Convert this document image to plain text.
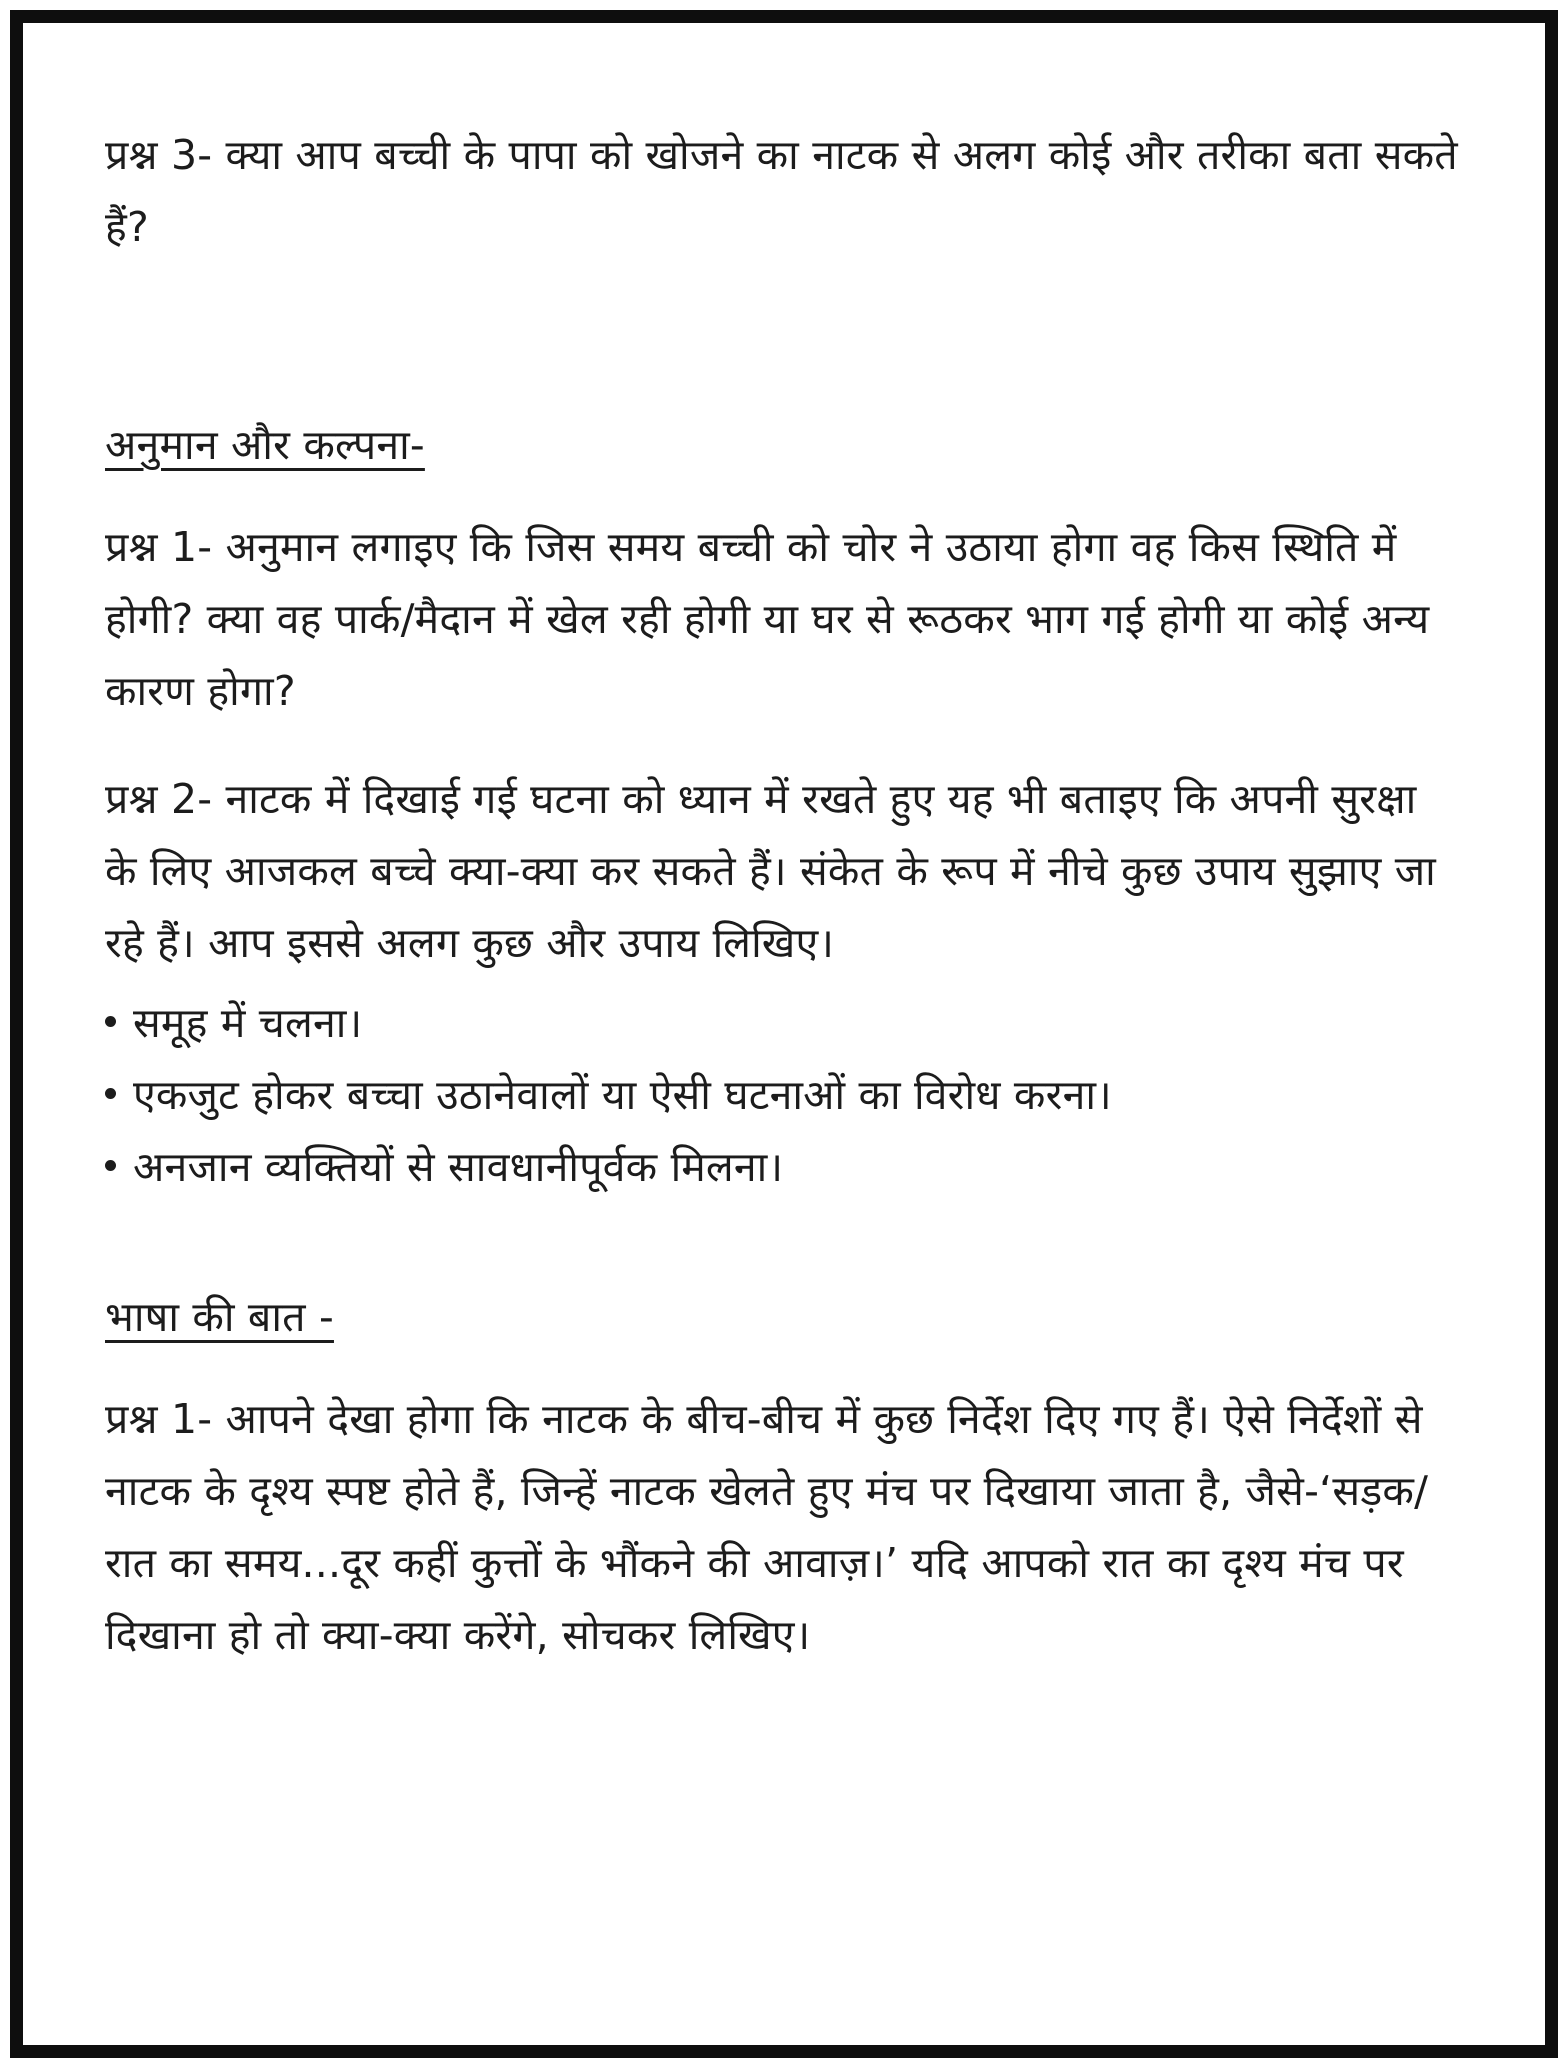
प्रश्न 3- क्या आप बच्ची के पापा को खोजने का नाटक से अलग कोई और तरीका बता सकते हैं?

अनुमान और कल्पना-

प्रश्न 1- अनुमान लगाइए कि जिस समय बच्ची को चोर ने उठाया होगा वह किस स्थिति में होगी? क्या वह पार्क/मैदान में खेल रही होगी या घर से रूठकर भाग गई होगी या कोई अन्य कारण होगा?

प्रश्न 2- नाटक में दिखाई गई घटना को ध्यान में रखते हुए यह भी बताइए कि अपनी सुरक्षा के लिए आजकल बच्चे क्या-क्या कर सकते हैं। संकेत के रूप में नीचे कुछ उपाय सुझाए जा रहे हैं। आप इससे अलग कुछ और उपाय लिखिए।

समूह में चलना।
एकजुट होकर बच्चा उठानेवालों या ऐसी घटनाओं का विरोध करना।
अनजान व्यक्तियों से सावधानीपूर्वक मिलना।
भाषा की बात -

प्रश्न 1- आपने देखा होगा कि नाटक के बीच-बीच में कुछ निर्देश दिए गए हैं। ऐसे निर्देशों से नाटक के दृश्य स्पष्ट होते हैं, जिन्हें नाटक खेलते हुए मंच पर दिखाया जाता है, जैसे-‘सड़क/रात का समय...दूर कहीं कुत्तों के भौंकने की आवाज़।’ यदि आपको रात का दृश्य मंच पर दिखाना हो तो क्या-क्या करेंगे, सोचकर लिखिए।
